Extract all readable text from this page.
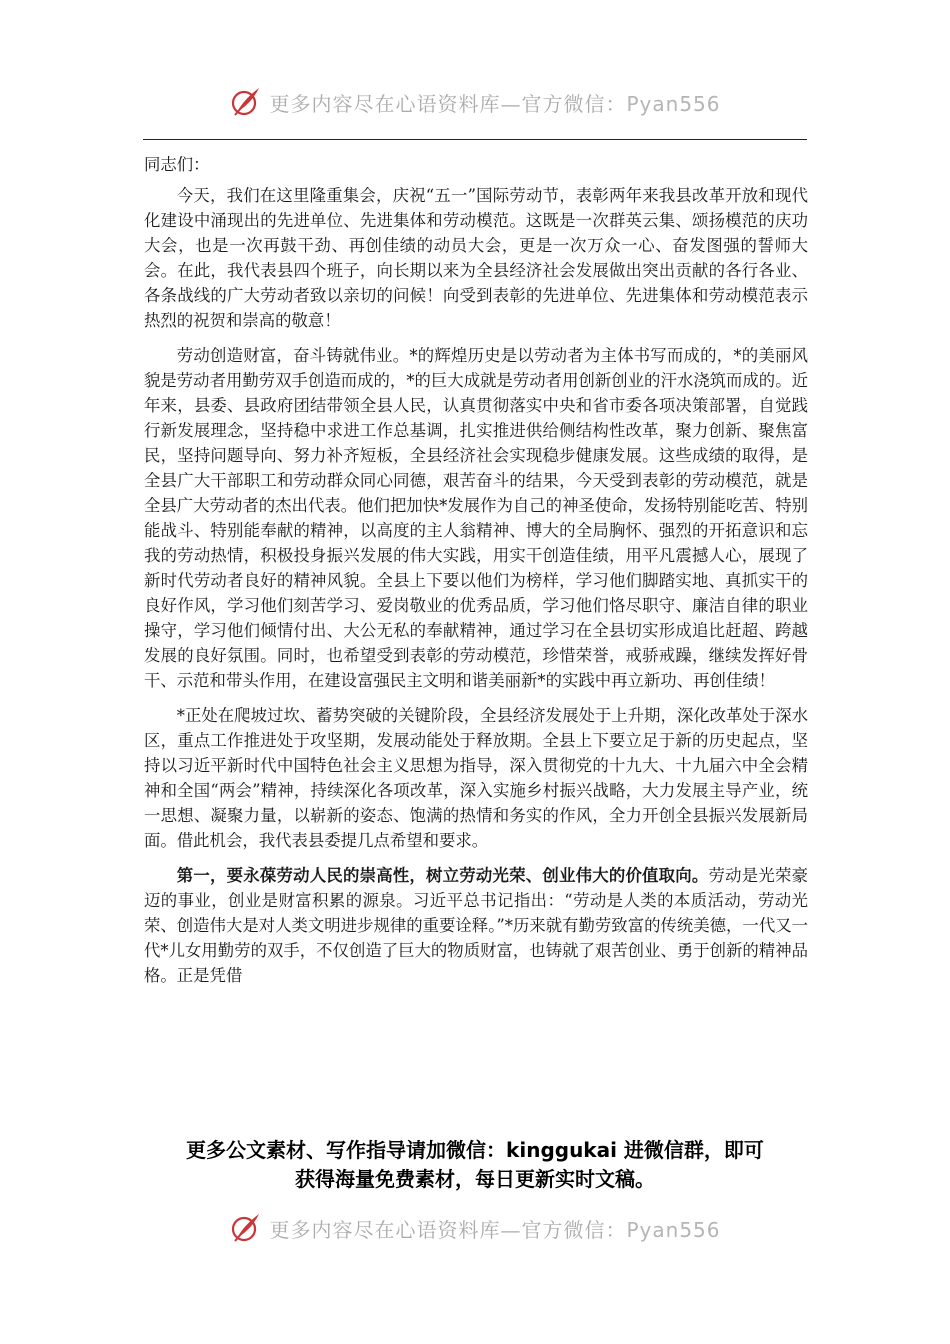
更多内容尽在心语资料库—官方微信：Pyan556

同志们：

今天，我们在这里隆重集会，庆祝“五一”国际劳动节，表彰两年来我县改革开放和现代化建设中涌现出的先进单位、先进集体和劳动模范。这既是一次群英云集、颂扬模范的庆功大会，也是一次再鼓干劲、再创佳绩的动员大会，更是一次万众一心、奋发图强的誓师大会。在此，我代表县四个班子，向长期以来为全县经济社会发展做出突出贡献的各行各业、各条战线的广大劳动者致以亲切的问候！向受到表彰的先进单位、先进集体和劳动模范表示热烈的祝贺和崇高的敬意！

劳动创造财富，奋斗铸就伟业。*的辉煌历史是以劳动者为主体书写而成的，*的美丽风貌是劳动者用勤劳双手创造而成的，*的巨大成就是劳动者用创新创业的汗水浇筑而成的。近年来，县委、县政府团结带领全县人民，认真贯彻落实中央和省市委各项决策部署，自觉践行新发展理念，坚持稳中求进工作总基调，扎实推进供给侧结构性改革，聚力创新、聚焦富民，坚持问题导向、努力补齐短板，全县经济社会实现稳步健康发展。这些成绩的取得，是全县广大干部职工和劳动群众同心同德，艰苦奋斗的结果，今天受到表彰的劳动模范，就是全县广大劳动者的杰出代表。他们把加快*发展作为自己的神圣使命，发扬特别能吃苦、特别能战斗、特别能奉献的精神，以高度的主人翁精神、博大的全局胸怀、强烈的开拓意识和忘我的劳动热情，积极投身振兴发展的伟大实践，用实干创造佳绩，用平凡震撼人心，展现了新时代劳动者良好的精神风貌。全县上下要以他们为榜样，学习他们脚踏实地、真抓实干的良好作风，学习他们刻苦学习、爱岗敬业的优秀品质，学习他们恪尽职守、廉洁自律的职业操守，学习他们倾情付出、大公无私的奉献精神，通过学习在全县切实形成追比赶超、跨越发展的良好氛围。同时，也希望受到表彰的劳动模范，珍惜荣誉，戒骄戒躁，继续发挥好骨干、示范和带头作用，在建设富强民主文明和谐美丽新*的实践中再立新功、再创佳绩！

*正处在爬坡过坎、蓄势突破的关键阶段，全县经济发展处于上升期，深化改革处于深水区，重点工作推进处于攻坚期，发展动能处于释放期。全县上下要立足于新的历史起点，坚持以习近平新时代中国特色社会主义思想为指导，深入贯彻党的十九大、十九届六中全会精神和全国“两会”精神，持续深化各项改革，深入实施乡村振兴战略，大力发展主导产业，统一思想、凝聚力量，以崭新的姿态、饱满的热情和务实的作风，全力开创全县振兴发展新局面。借此机会，我代表县委提几点希望和要求。

第一，要永葆劳动人民的崇高性，树立劳动光荣、创业伟大的价值取向。劳动是光荣豪迈的事业，创业是财富积累的源泉。习近平总书记指出：“劳动是人类的本质活动，劳动光荣、创造伟大是对人类文明进步规律的重要诠释。”*历来就有勤劳致富的传统美德，一代又一代*儿女用勤劳的双手，不仅创造了巨大的物质财富，也铸就了艰苦创业、勇于创新的精神品格。正是凭借

更多公文素材、写作指导请加微信：kinggukai 进微信群，即可
获得海量免费素材，每日更新实时文稿。
更多内容尽在心语资料库—官方微信：Pyan556
